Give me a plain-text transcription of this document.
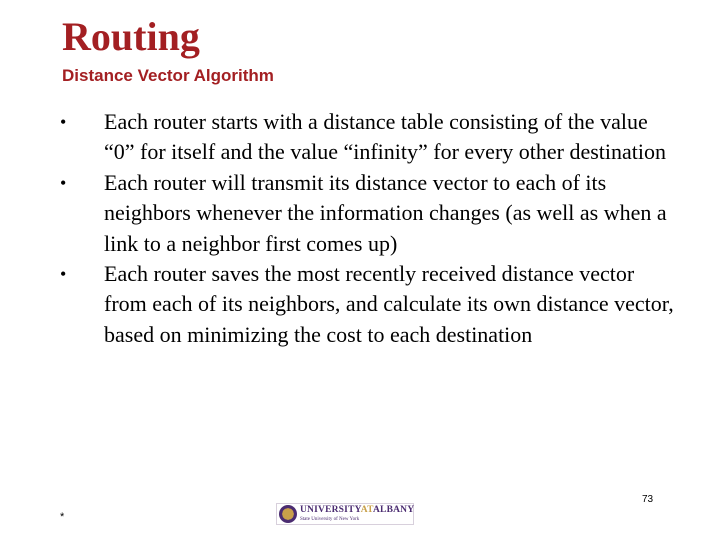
Routing
Distance Vector Algorithm
• Each router starts with a distance table consisting of the value “0” for itself and the value “infinity” for every other destination
• Each router will transmit its distance vector to each of its neighbors whenever the information changes (as well as when a link to a neighbor first comes up)
• Each router saves the most recently received distance vector from each of its neighbors, and calculate its own distance vector, based on minimizing the cost to each destination
UNIVERSITYATALBANY
State University of New York
73
*
